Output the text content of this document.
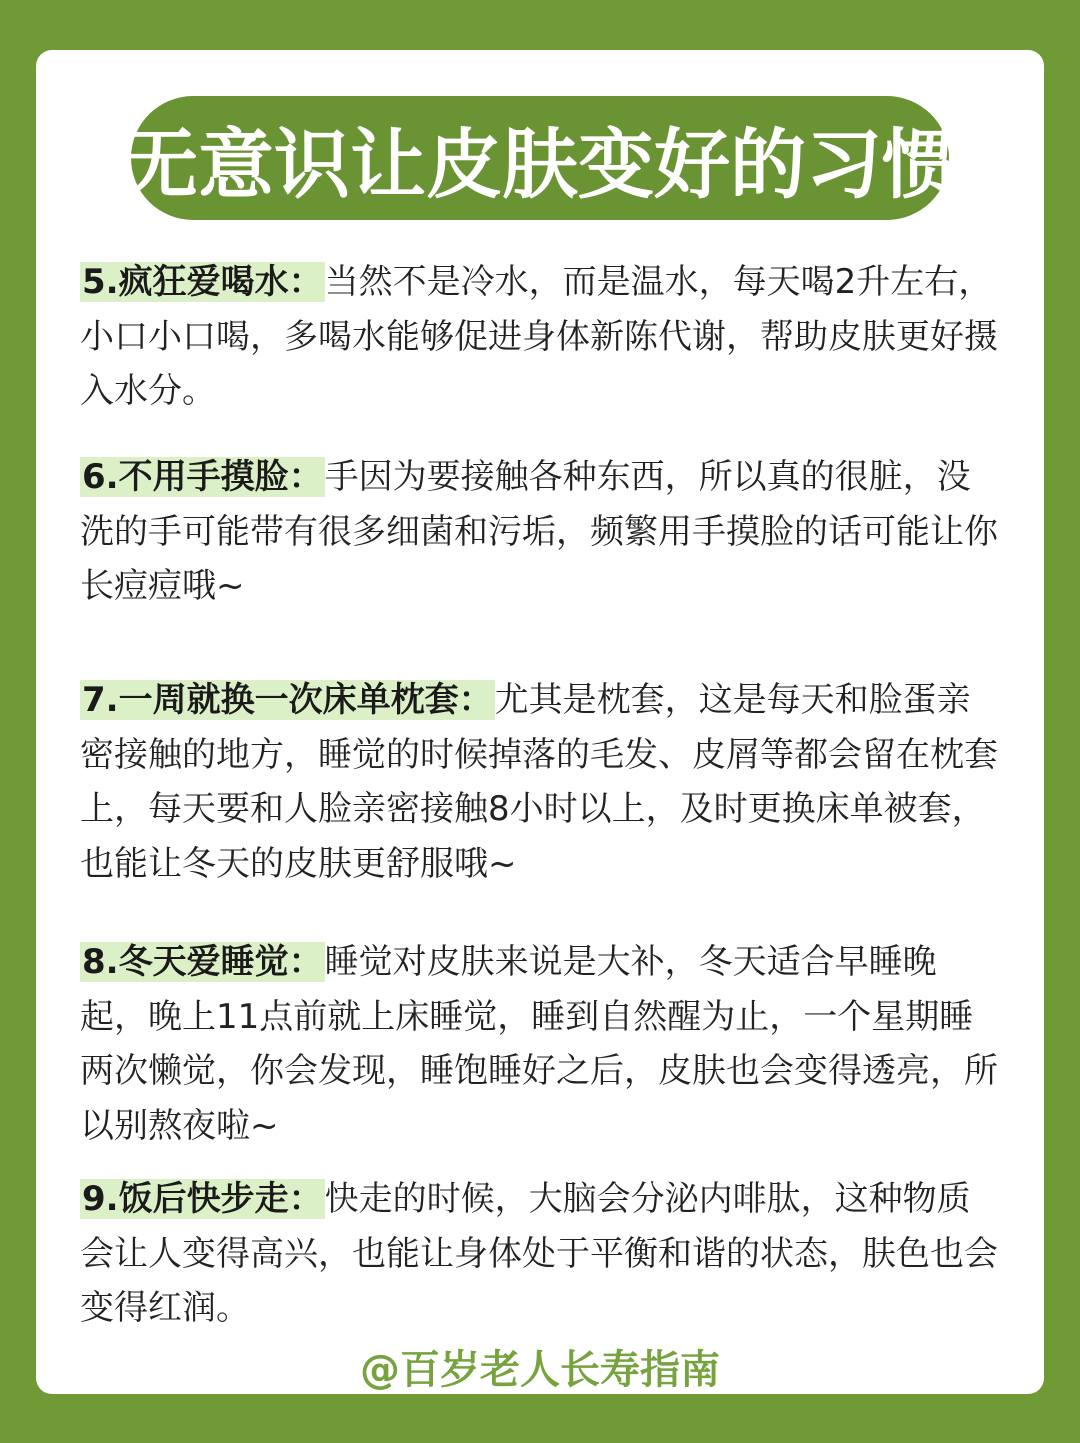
无意识让皮肤变好的习惯
5.疯狂爱喝水：当然不是冷水，而是温水，每天喝2升左右，小口小口喝，多喝水能够促进身体新陈代谢，帮助皮肤更好摄入水分。
6.不用手摸脸：手因为要接触各种东西，所以真的很脏，没洗的手可能带有很多细菌和污垢，频繁用手摸脸的话可能让你长痘痘哦~
7.一周就换一次床单枕套：尤其是枕套，这是每天和脸蛋亲密接触的地方，睡觉的时候掉落的毛发、皮屑等都会留在枕套上，每天要和人脸亲密接触8小时以上，及时更换床单被套，也能让冬天的皮肤更舒服哦~
8.冬天爱睡觉：睡觉对皮肤来说是大补，冬天适合早睡晚起，晚上11点前就上床睡觉，睡到自然醒为止，一个星期睡两次懒觉，你会发现，睡饱睡好之后，皮肤也会变得透亮，所以别熬夜啦~
9.饭后快步走：快走的时候，大脑会分泌内啡肽，这种物质会让人变得高兴，也能让身体处于平衡和谐的状态，肤色也会变得红润。
@百岁老人长寿指南
